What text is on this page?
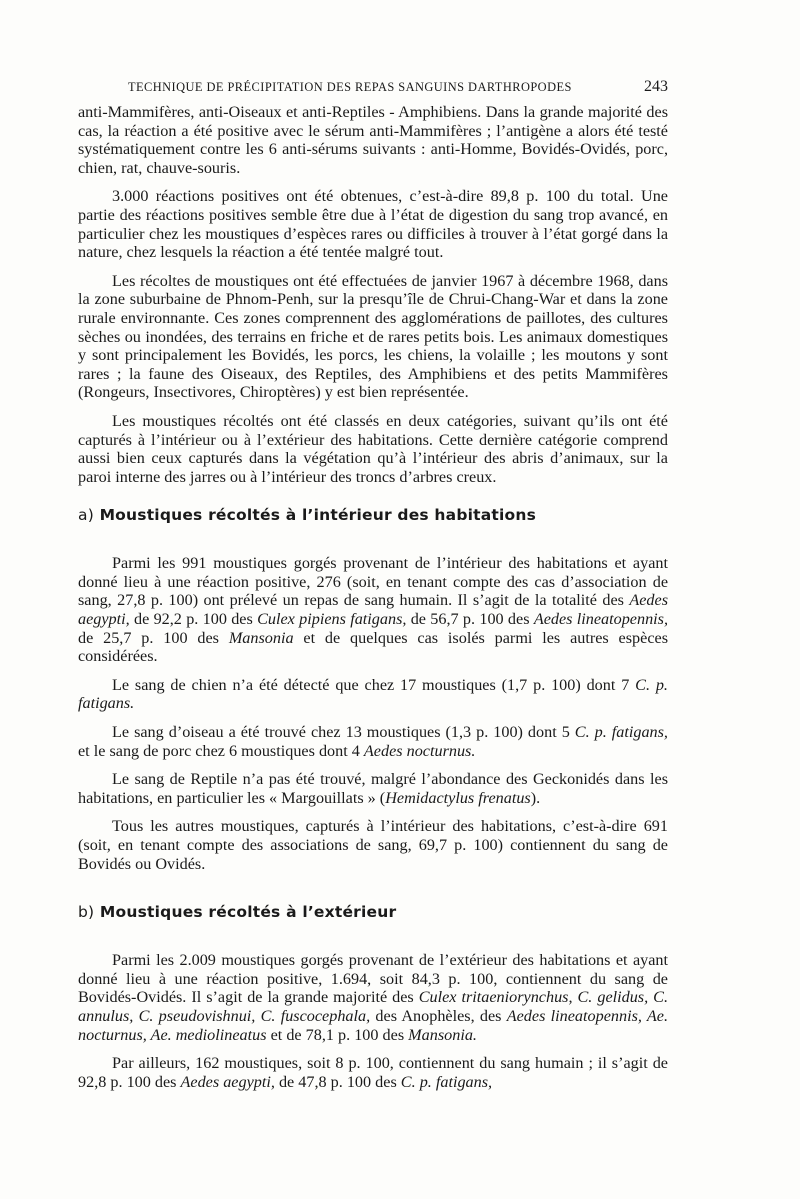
TECHNIQUE DE PRÉCIPITATION DES REPAS SANGUINS DARTHROPODES	243

anti-Mammifères, anti-Oiseaux et anti-Reptiles - Amphibiens. Dans la grande majorité des cas, la réaction a été positive avec le sérum anti-Mammifères ; l’antigène a alors été testé systématiquement contre les 6 anti-sérums suivants : anti-Homme, Bovidés-Ovidés, porc, chien, rat, chauve-souris.

3.000 réactions positives ont été obtenues, c’est-à-dire 89,8 p. 100 du total. Une partie des réactions positives semble être due à l’état de digestion du sang trop avancé, en particulier chez les moustiques d’espèces rares ou difficiles à trouver à l’état gorgé dans la nature, chez lesquels la réaction a été tentée malgré tout.

Les récoltes de moustiques ont été effectuées de janvier 1967 à décembre 1968, dans la zone suburbaine de Phnom-Penh, sur la presqu’île de Chrui-Chang-War et dans la zone rurale environnante. Ces zones comprennent des agglomérations de paillotes, des cultures sèches ou inondées, des terrains en friche et de rares petits bois. Les animaux domestiques y sont principalement les Bovidés, les porcs, les chiens, la volaille ; les moutons y sont rares ; la faune des Oiseaux, des Reptiles, des Amphibiens et des petits Mammifères (Rongeurs, Insectivores, Chiroptères) y est bien représentée.

Les moustiques récoltés ont été classés en deux catégories, suivant qu’ils ont été capturés à l’intérieur ou à l’extérieur des habitations. Cette dernière catégorie comprend aussi bien ceux capturés dans la végétation qu’à l’intérieur des abris d’animaux, sur la paroi interne des jarres ou à l’intérieur des troncs d’arbres creux.

a) Moustiques récoltés à l’intérieur des habitations

Parmi les 991 moustiques gorgés provenant de l’intérieur des habitations et ayant donné lieu à une réaction positive, 276 (soit, en tenant compte des cas d’association de sang, 27,8 p. 100) ont prélevé un repas de sang humain. Il s’agit de la totalité des Aedes aegypti, de 92,2 p. 100 des Culex pipiens fatigans, de 56,7 p. 100 des Aedes lineatopennis, de 25,7 p. 100 des Mansonia et de quelques cas isolés parmi les autres espèces considérées.

Le sang de chien n’a été détecté que chez 17 moustiques (1,7 p. 100) dont 7 C. p. fatigans.

Le sang d’oiseau a été trouvé chez 13 moustiques (1,3 p. 100) dont 5 C. p. fatigans, et le sang de porc chez 6 moustiques dont 4 Aedes nocturnus.

Le sang de Reptile n’a pas été trouvé, malgré l’abondance des Geckonidés dans les habitations, en particulier les « Margouillats » (Hemidactylus frenatus).

Tous les autres moustiques, capturés à l’intérieur des habitations, c’est-à-dire 691 (soit, en tenant compte des associations de sang, 69,7 p. 100) contiennent du sang de Bovidés ou Ovidés.

b) Moustiques récoltés à l’extérieur

Parmi les 2.009 moustiques gorgés provenant de l’extérieur des habitations et ayant donné lieu à une réaction positive, 1.694, soit 84,3 p. 100, contiennent du sang de Bovidés-Ovidés. Il s’agit de la grande majorité des Culex tritaeniorynchus, C. gelidus, C. annulus, C. pseudovishnui, C. fuscocephala, des Anophèles, des Aedes lineatopennis, Ae. nocturnus, Ae. mediolineatus et de 78,1 p. 100 des Mansonia.

Par ailleurs, 162 moustiques, soit 8 p. 100, contiennent du sang humain ; il s’agit de 92,8 p. 100 des Aedes aegypti, de 47,8 p. 100 des C. p. fatigans,
